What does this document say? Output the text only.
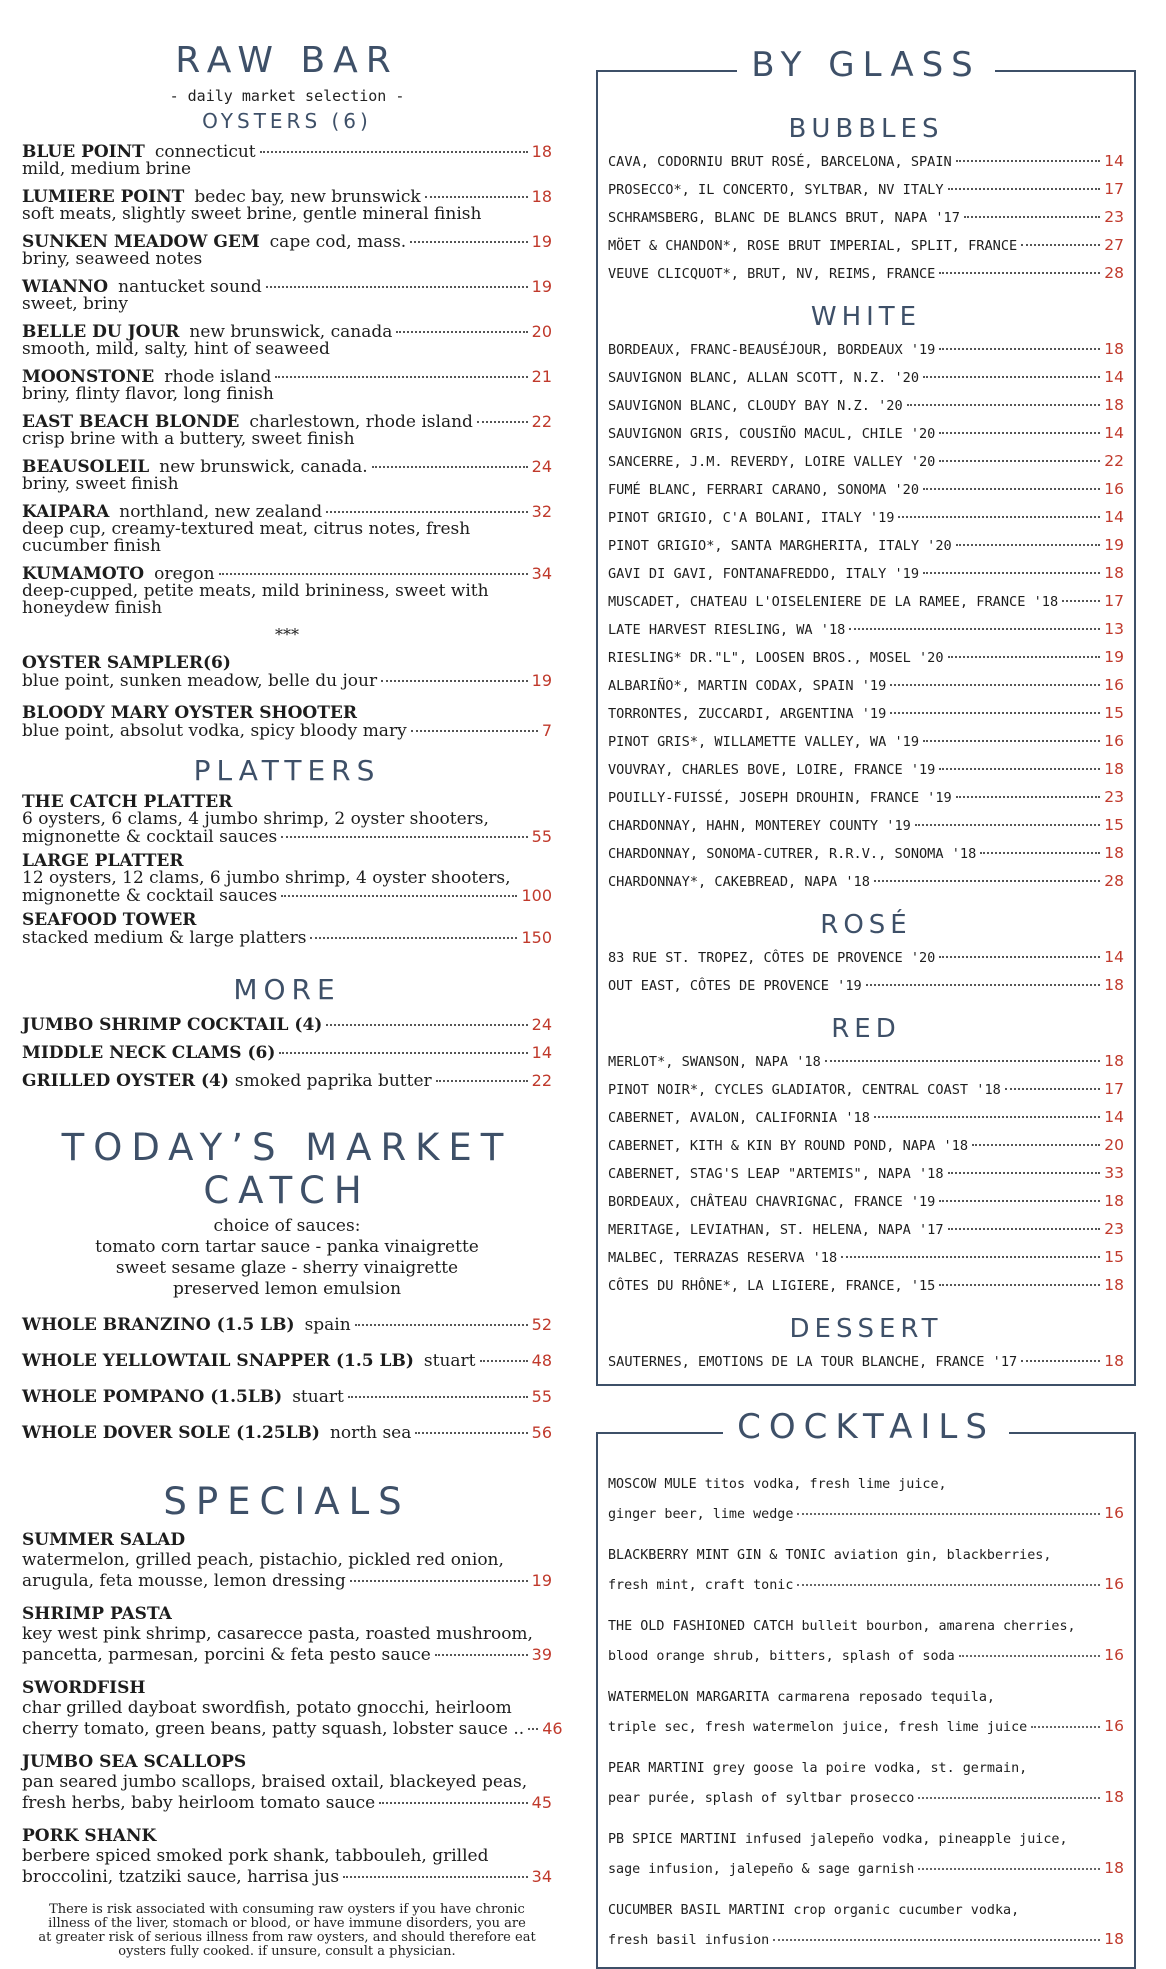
RAW BAR
- daily market selection -
OYSTERS (6)
BLUE POINT connecticut	18
mild, medium brine
LUMIERE POINT bedec bay, new brunswick	18
soft meats, slightly sweet brine, gentle mineral finish
SUNKEN MEADOW GEM cape cod, mass.	19
briny, seaweed notes
WIANNO nantucket sound	19
sweet, briny
BELLE DU JOUR new brunswick, canada	20
smooth, mild, salty, hint of seaweed
MOONSTONE rhode island	21
briny, flinty flavor, long finish
EAST BEACH BLONDE charlestown, rhode island	22
crisp brine with a buttery, sweet finish
BEAUSOLEIL new brunswick, canada.	24
briny, sweet finish
KAIPARA northland, new zealand	32
deep cup, creamy-textured meat, citrus notes, fresh cucumber finish
KUMAMOTO oregon	34
deep-cupped, petite meats, mild brininess, sweet with honeydew finish
***
OYSTER SAMPLER(6)
blue point, sunken meadow, belle du jour	19
BLOODY MARY OYSTER SHOOTER
blue point, absolut vodka, spicy bloody mary	7
PLATTERS
THE CATCH PLATTER
6 oysters, 6 clams, 4 jumbo shrimp, 2 oyster shooters,
mignonette & cocktail sauces	55
LARGE PLATTER
12 oysters, 12 clams, 6 jumbo shrimp, 4 oyster shooters,
mignonette & cocktail sauces	100
SEAFOOD TOWER
stacked medium & large platters	150
MORE
JUMBO SHRIMP COCKTAIL (4)	24
MIDDLE NECK CLAMS (6)	14
GRILLED OYSTER (4) smoked paprika butter	22
TODAY’S MARKET CATCH
choice of sauces:
tomato corn tartar sauce - panka vinaigrette
sweet sesame glaze - sherry vinaigrette
preserved lemon emulsion
WHOLE BRANZINO (1.5 LB) spain	52
WHOLE YELLOWTAIL SNAPPER (1.5 LB) stuart	48
WHOLE POMPANO (1.5LB) stuart	55
WHOLE DOVER SOLE (1.25LB) north sea	56
SPECIALS
SUMMER SALAD
watermelon, grilled peach, pistachio, pickled red onion,
arugula, feta mousse, lemon dressing	19
SHRIMP PASTA
key west pink shrimp, casarecce pasta, roasted mushroom,
pancetta, parmesan, porcini & feta pesto sauce	39
SWORDFISH
char grilled dayboat swordfish, potato gnocchi, heirloom
cherry tomato, green beans, patty squash, lobster sauce .. 46
JUMBO SEA SCALLOPS
pan seared jumbo scallops, braised oxtail, blackeyed peas,
fresh herbs, baby heirloom tomato sauce	45
PORK SHANK
berbere spiced smoked pork shank, tabbouleh, grilled
broccolini, tzatziki sauce, harrisa jus	34
There is risk associated with consuming raw oysters if you have chronic
illness of the liver, stomach or blood, or have immune disorders, you are
at greater risk of serious illness from raw oysters, and should therefore eat
oysters fully cooked. if unsure, consult a physician.
BY GLASS
BUBBLES
CAVA, CODORNIU BRUT ROSÉ, BARCELONA, SPAIN	14
PROSECCO*, IL CONCERTO, SYLTBAR, NV ITALY	17
SCHRAMSBERG, BLANC DE BLANCS BRUT, NAPA '17	23
MÖET & CHANDON*, ROSE BRUT IMPERIAL, SPLIT, FRANCE	27
VEUVE CLICQUOT*, BRUT, NV, REIMS, FRANCE	28
WHITE
BORDEAUX, FRANC-BEAUSÉJOUR, BORDEAUX '19	18
SAUVIGNON BLANC, ALLAN SCOTT, N.Z. '20	14
SAUVIGNON BLANC, CLOUDY BAY N.Z. '20	18
SAUVIGNON GRIS, COUSIÑO MACUL, CHILE '20	14
SANCERRE, J.M. REVERDY, LOIRE VALLEY '20	22
FUMÉ BLANC, FERRARI CARANO, SONOMA '20	16
PINOT GRIGIO, C'A BOLANI, ITALY '19	14
PINOT GRIGIO*, SANTA MARGHERITA, ITALY '20	19
GAVI DI GAVI, FONTANAFREDDO, ITALY '19	18
MUSCADET, CHATEAU L'OISELENIERE DE LA RAMEE, FRANCE '18	17
LATE HARVEST RIESLING, WA '18	13
RIESLING* DR."L", LOOSEN BROS., MOSEL '20	19
ALBARIÑO*, MARTIN CODAX, SPAIN '19	16
TORRONTES, ZUCCARDI, ARGENTINA '19	15
PINOT GRIS*, WILLAMETTE VALLEY, WA '19	16
VOUVRAY, CHARLES BOVE, LOIRE, FRANCE '19	18
POUILLY-FUISSÉ, JOSEPH DROUHIN, FRANCE '19	23
CHARDONNAY, HAHN, MONTEREY COUNTY '19	15
CHARDONNAY, SONOMA-CUTRER, R.R.V., SONOMA '18	18
CHARDONNAY*, CAKEBREAD, NAPA '18	28
ROSÉ
83 RUE ST. TROPEZ, CÔTES DE PROVENCE '20	14
OUT EAST, CÔTES DE PROVENCE '19	18
RED
MERLOT*, SWANSON, NAPA '18	18
PINOT NOIR*, CYCLES GLADIATOR, CENTRAL COAST '18	17
CABERNET, AVALON, CALIFORNIA '18	14
CABERNET, KITH & KIN BY ROUND POND, NAPA '18	20
CABERNET, STAG'S LEAP "ARTEMIS", NAPA '18	33
BORDEAUX, CHÂTEAU CHAVRIGNAC, FRANCE '19	18
MERITAGE, LEVIATHAN, ST. HELENA, NAPA '17	23
MALBEC, TERRAZAS RESERVA '18	15
CÔTES DU RHÔNE*, LA LIGIERE, FRANCE, '15	18
DESSERT
SAUTERNES, EMOTIONS DE LA TOUR BLANCHE, FRANCE '17	18
COCKTAILS
MOSCOW MULE titos vodka, fresh lime juice,
ginger beer, lime wedge	16
BLACKBERRY MINT GIN & TONIC aviation gin, blackberries,
fresh mint, craft tonic	16
THE OLD FASHIONED CATCH bulleit bourbon, amarena cherries,
blood orange shrub, bitters, splash of soda	16
WATERMELON MARGARITA carmarena reposado tequila,
triple sec, fresh watermelon juice, fresh lime juice	16
PEAR MARTINI grey goose la poire vodka, st. germain,
pear purée, splash of syltbar prosecco	18
PB SPICE MARTINI infused jalepeño vodka, pineapple juice,
sage infusion, jalepeño & sage garnish	18
CUCUMBER BASIL MARTINI crop organic cucumber vodka,
fresh basil infusion	18
